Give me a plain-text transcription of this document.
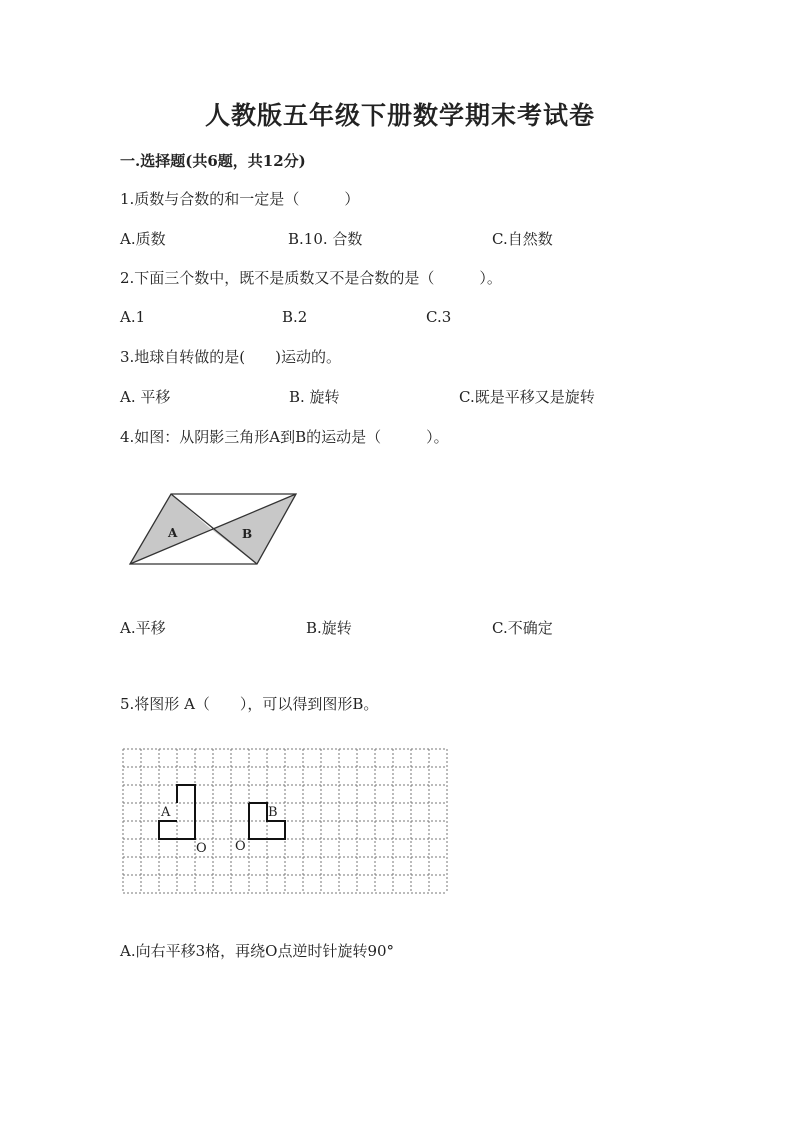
人教版五年级下册数学期末考试卷
一.选择题(共6题，共12分)
1.质数与合数的和一定是（　　　）
A.质数	B.10. 合数	C.自然数
2.下面三个数中，既不是质数又不是合数的是（　　　）。
A.1	B.2	C.3
3.地球自转做的是(　　)运动的。
A. 平移	B. 旋转	C.既是平移又是旋转
4.如图：从阴影三角形A到B的运动是（　　　）。
A	B
A.平移	B.旋转	C.不确定
5.将图形 A（　　），可以得到图形B。
A	B
O O
A.向右平移3格，再绕O点逆时针旋转90°
